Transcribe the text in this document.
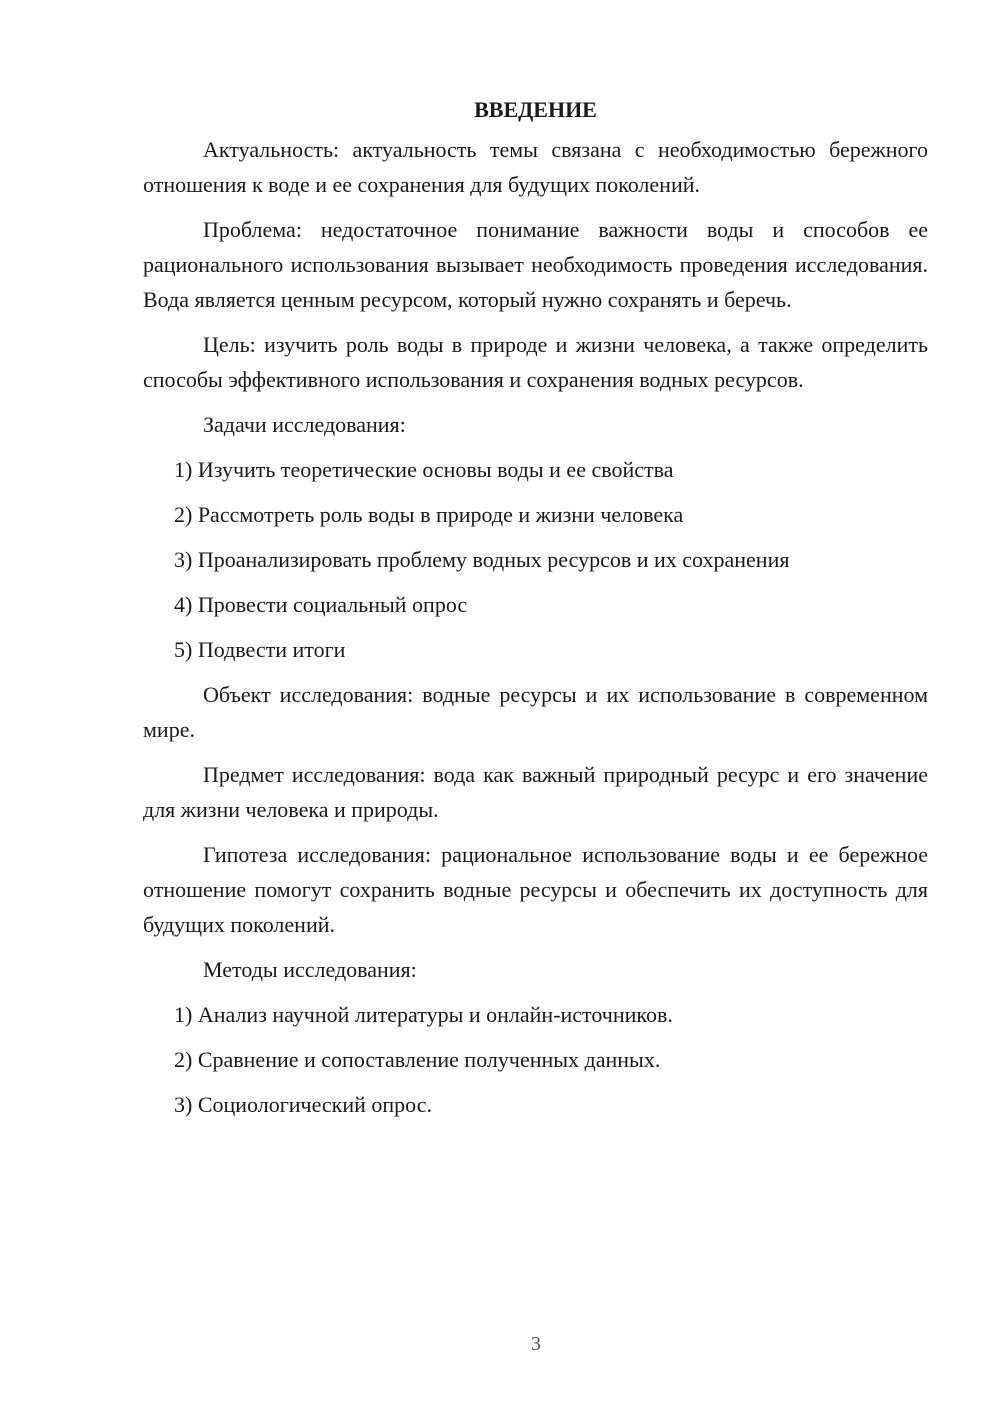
ВВЕДЕНИЕ

Актуальность: актуальность темы связана с необходимостью бережного отношения к воде и ее сохранения для будущих поколений.

Проблема: недостаточное понимание важности воды и способов ее рационального использования вызывает необходимость проведения исследования. Вода является ценным ресурсом, который нужно сохранять и беречь.

Цель: изучить роль воды в природе и жизни человека, а также определить способы эффективного использования и сохранения водных ресурсов.

Задачи исследования:

1) Изучить теоретические основы воды и ее свойства
2) Рассмотреть роль воды в природе и жизни человека
3) Проанализировать проблему водных ресурсов и их сохранения
4) Провести социальный опрос
5) Подвести итоги

Объект исследования: водные ресурсы и их использование в современном мире.

Предмет исследования: вода как важный природный ресурс и его значение для жизни человека и природы.

Гипотеза исследования: рациональное использование воды и ее бережное отношение помогут сохранить водные ресурсы и обеспечить их доступность для будущих поколений.

Методы исследования:

1) Анализ научной литературы и онлайн-источников.
2) Сравнение и сопоставление полученных данных.
3) Социологический опрос.
3
